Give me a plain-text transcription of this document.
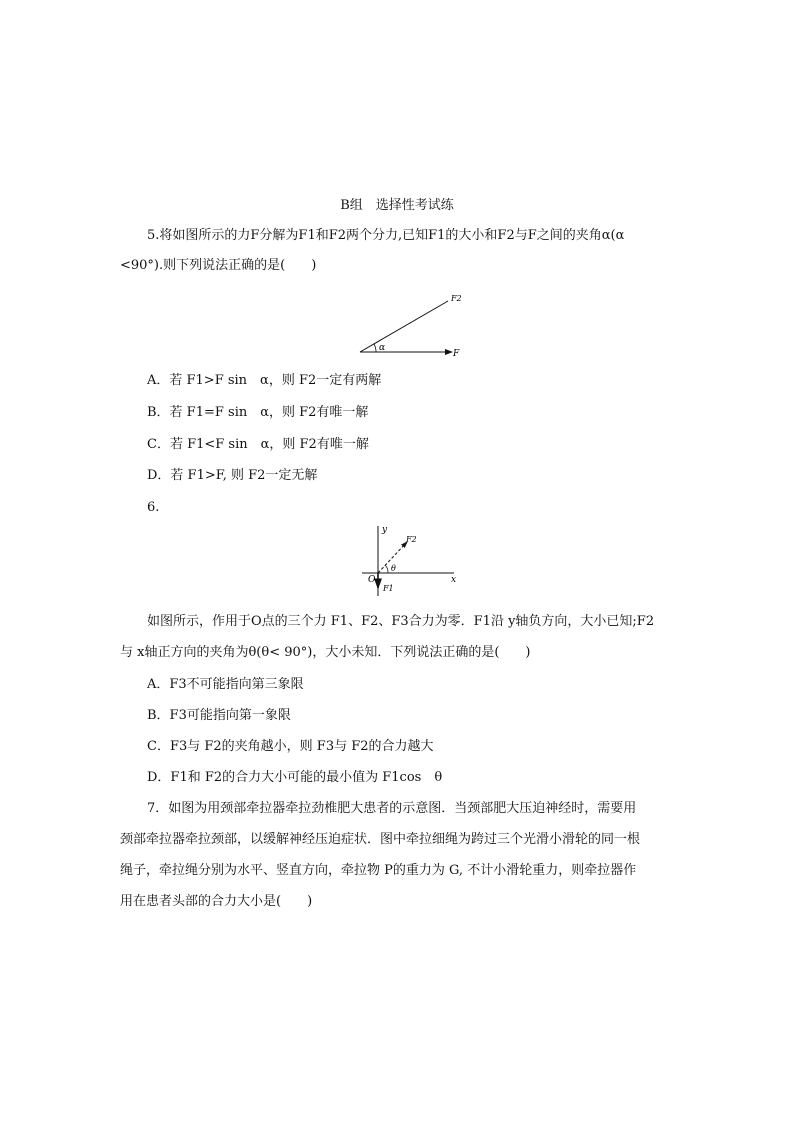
B组　选择性考试练
5.将如图所示的力F分解为F1和F2两个分力,已知F1的大小和F2与F之间的夹角α(α
<90°).则下列说法正确的是(　　)
F2
F
α
A．若 F1>F sin　α，则 F2一定有两解
B．若 F1=F sin　α，则 F2有唯一解
C．若 F1<F sin　α，则 F2有唯一解
D．若 F1>F, 则 F2一定无解
6.
y
x
O
F1
F2
θ
如图所示，作用于O点的三个力 F1、F2、F3合力为零．F1沿 y轴负方向，大小已知;F2
与 x轴正方向的夹角为θ(θ< 90°)，大小未知．下列说法正确的是(　　)
A．F3不可能指向第三象限
B．F3可能指向第一象限
C．F3与 F2的夹角越小，则 F3与 F2的合力越大
D．F1和 F2的合力大小可能的最小值为 F1cos　θ
7．如图为用颈部牵拉器牵拉劲椎肥大患者的示意图．当颈部肥大压迫神经时，需要用
颈部牵拉器牵拉颈部，以缓解神经压迫症状．图中牵拉细绳为跨过三个光滑小滑轮的同一根
绳子，牵拉绳分别为水平、竖直方向，牵拉物 P的重力为 G, 不计小滑轮重力，则牵拉器作
用在患者头部的合力大小是(　　)
